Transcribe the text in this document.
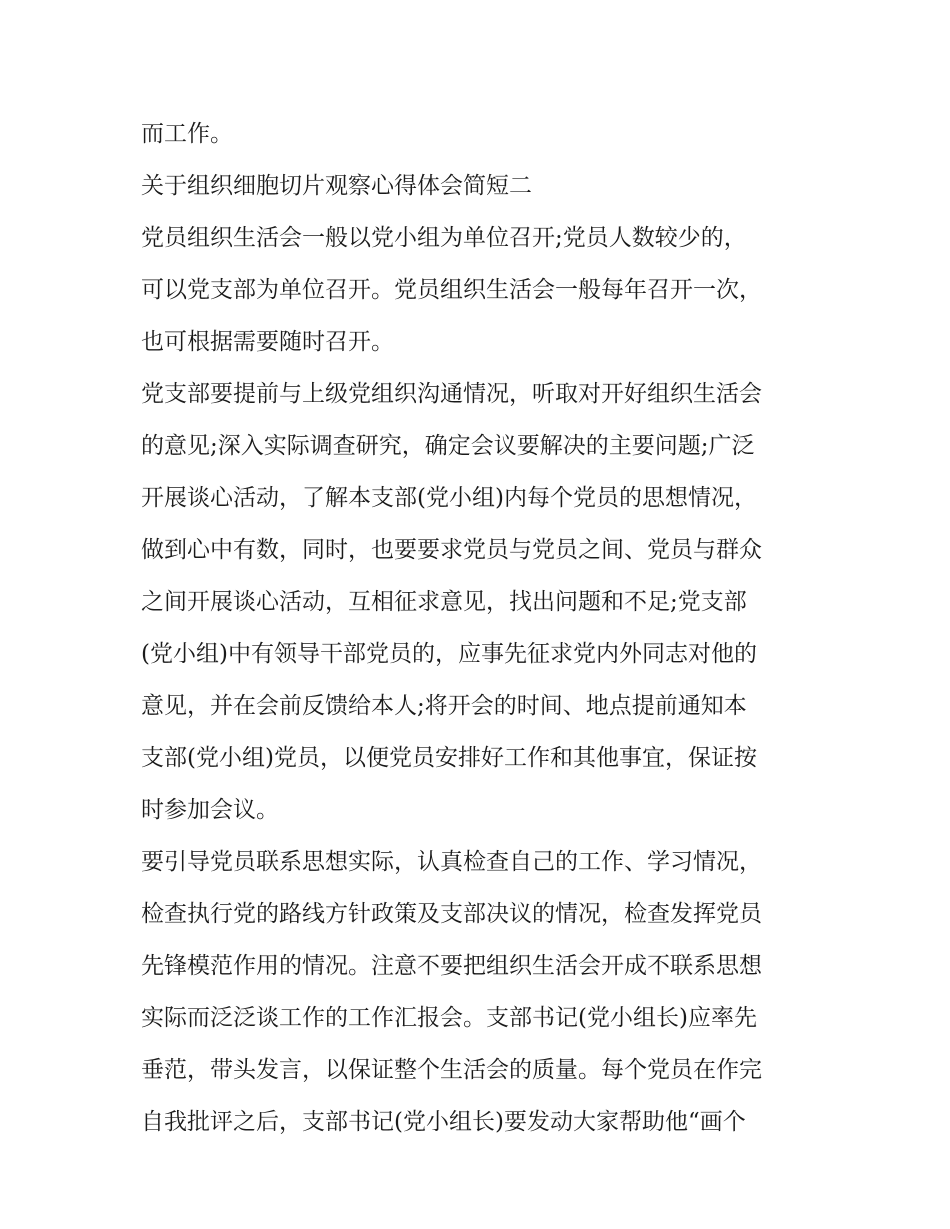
而工作。
关于组织细胞切片观察心得体会简短二
党员组织生活会一般以党小组为单位召开;党员人数较少的，
可以党支部为单位召开。党员组织生活会一般每年召开一次，
也可根据需要随时召开。
党支部要提前与上级党组织沟通情况，听取对开好组织生活会
的意见;深入实际调查研究，确定会议要解决的主要问题;广泛
开展谈心活动，了解本支部(党小组)内每个党员的思想情况，
做到心中有数，同时，也要要求党员与党员之间、党员与群众
之间开展谈心活动，互相征求意见，找出问题和不足;党支部
(党小组)中有领导干部党员的，应事先征求党内外同志对他的
意见，并在会前反馈给本人;将开会的时间、地点提前通知本
支部(党小组)党员，以便党员安排好工作和其他事宜，保证按
时参加会议。
要引导党员联系思想实际，认真检查自己的工作、学习情况，
检查执行党的路线方针政策及支部决议的情况，检查发挥党员
先锋模范作用的情况。注意不要把组织生活会开成不联系思想
实际而泛泛谈工作的工作汇报会。支部书记(党小组长)应率先
垂范，带头发言，以保证整个生活会的质量。每个党员在作完
自我批评之后，支部书记(党小组长)要发动大家帮助他“画个
